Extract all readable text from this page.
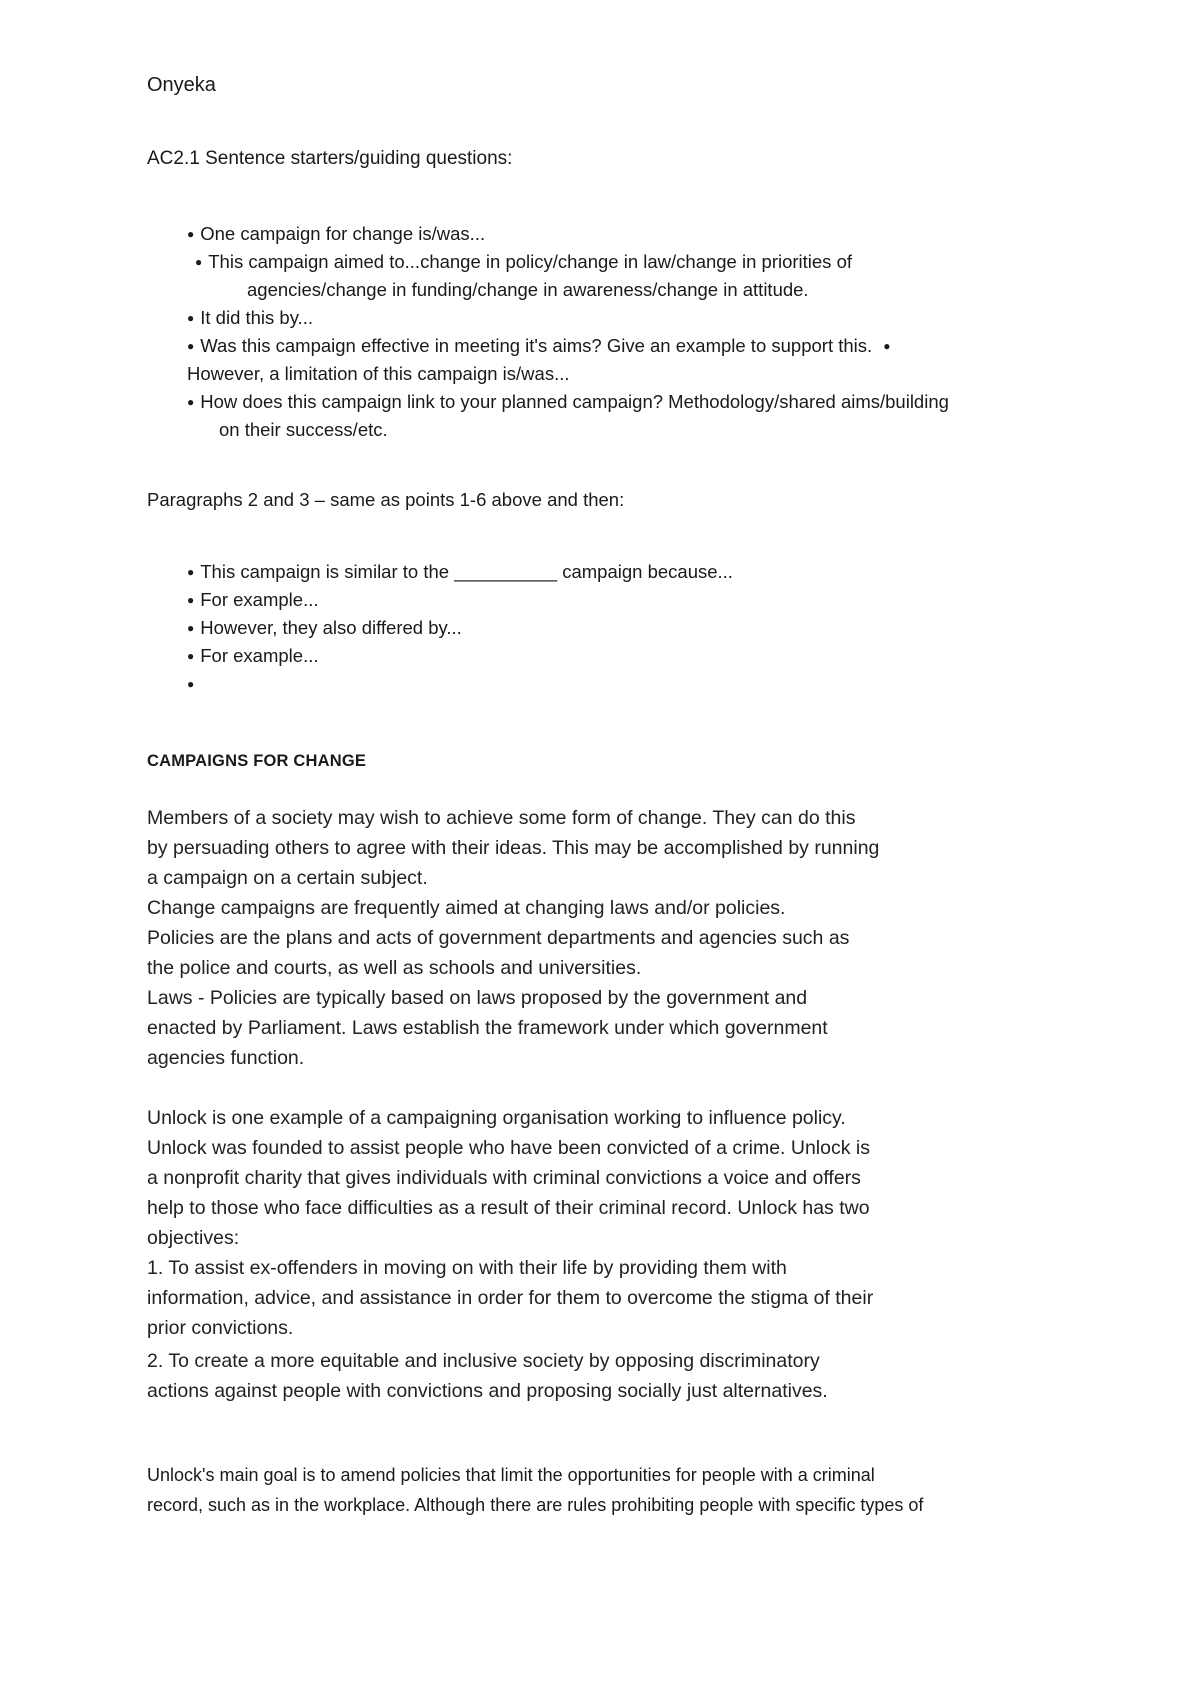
Onyeka
AC2.1 Sentence starters/guiding questions:
● One campaign for change is/was...
● This campaign aimed to...change in policy/change in law/change in priorities of
agencies/change in funding/change in awareness/change in attitude.
● It did this by...
● Was this campaign effective in meeting it's aims? Give an example to support this. ●
However, a limitation of this campaign is/was...
● How does this campaign link to your planned campaign? Methodology/shared aims/building
on their success/etc.
Paragraphs 2 and 3 – same as points 1-6 above and then:
● This campaign is similar to the __________ campaign because...
● For example...
● However, they also differed by...
● For example...
●
CAMPAIGNS FOR CHANGE
Members of a society may wish to achieve some form of change. They can do this
by persuading others to agree with their ideas. This may be accomplished by running
a campaign on a certain subject.
Change campaigns are frequently aimed at changing laws and/or policies.
Policies are the plans and acts of government departments and agencies such as
the police and courts, as well as schools and universities.
Laws - Policies are typically based on laws proposed by the government and
enacted by Parliament. Laws establish the framework under which government
agencies function.
Unlock is one example of a campaigning organisation working to influence policy.
Unlock was founded to assist people who have been convicted of a crime. Unlock is
a nonprofit charity that gives individuals with criminal convictions a voice and offers
help to those who face difficulties as a result of their criminal record. Unlock has two
objectives:
1. To assist ex-offenders in moving on with their life by providing them with
information, advice, and assistance in order for them to overcome the stigma of their
prior convictions.
2. To create a more equitable and inclusive society by opposing discriminatory
actions against people with convictions and proposing socially just alternatives.
Unlock's main goal is to amend policies that limit the opportunities for people with a criminal
record, such as in the workplace. Although there are rules prohibiting people with specific types of
